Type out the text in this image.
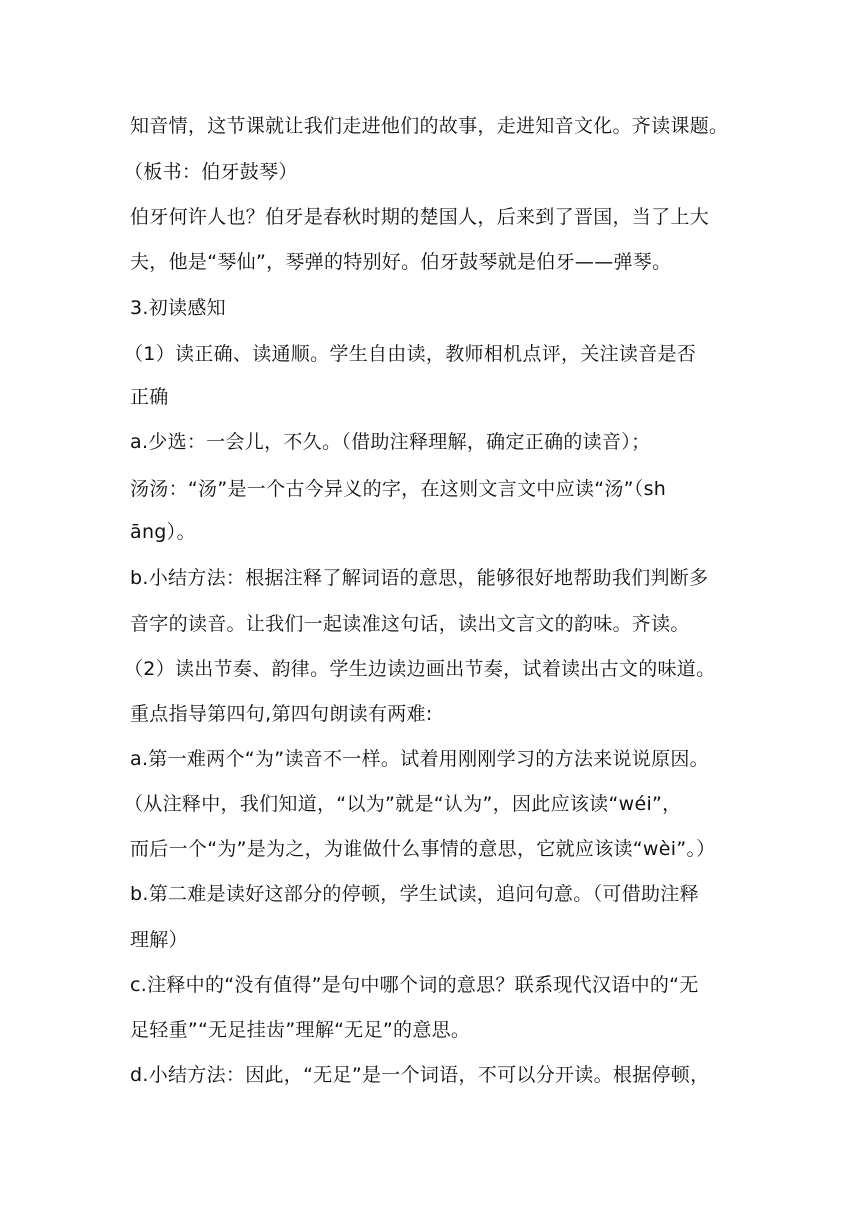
知音情，这节课就让我们走进他们的故事，走进知音文化。齐读课题。
（板书：伯牙鼓琴）
伯牙何许人也？伯牙是春秋时期的楚国人，后来到了晋国，当了上大
夫，他是“琴仙”，琴弹的特别好。伯牙鼓琴就是伯牙——弹琴。
3.初读感知
（1）读正确、读通顺。学生自由读，教师相机点评，关注读音是否
正确
a.少选：一会儿，不久。（借助注释理解，确定正确的读音）；
汤汤：“汤”是一个古今异义的字，在这则文言文中应读“汤”（sh
āng）。
b.小结方法：根据注释了解词语的意思，能够很好地帮助我们判断多
音字的读音。让我们一起读准这句话，读出文言文的韵味。齐读。
（2）读出节奏、韵律。学生边读边画出节奏，试着读出古文的味道。
重点指导第四句,第四句朗读有两难:
a.第一难两个“为”读音不一样。试着用刚刚学习的方法来说说原因。
（从注释中，我们知道，“以为”就是“认为”，因此应该读“wéi”，
而后一个“为”是为之，为谁做什么事情的意思，它就应该读“wèi”。）
b.第二难是读好这部分的停顿，学生试读，追问句意。（可借助注释
理解）
c.注释中的“没有值得”是句中哪个词的意思？联系现代汉语中的“无
足轻重”“无足挂齿”理解“无足”的意思。
d.小结方法：因此，“无足”是一个词语，不可以分开读。根据停顿，
